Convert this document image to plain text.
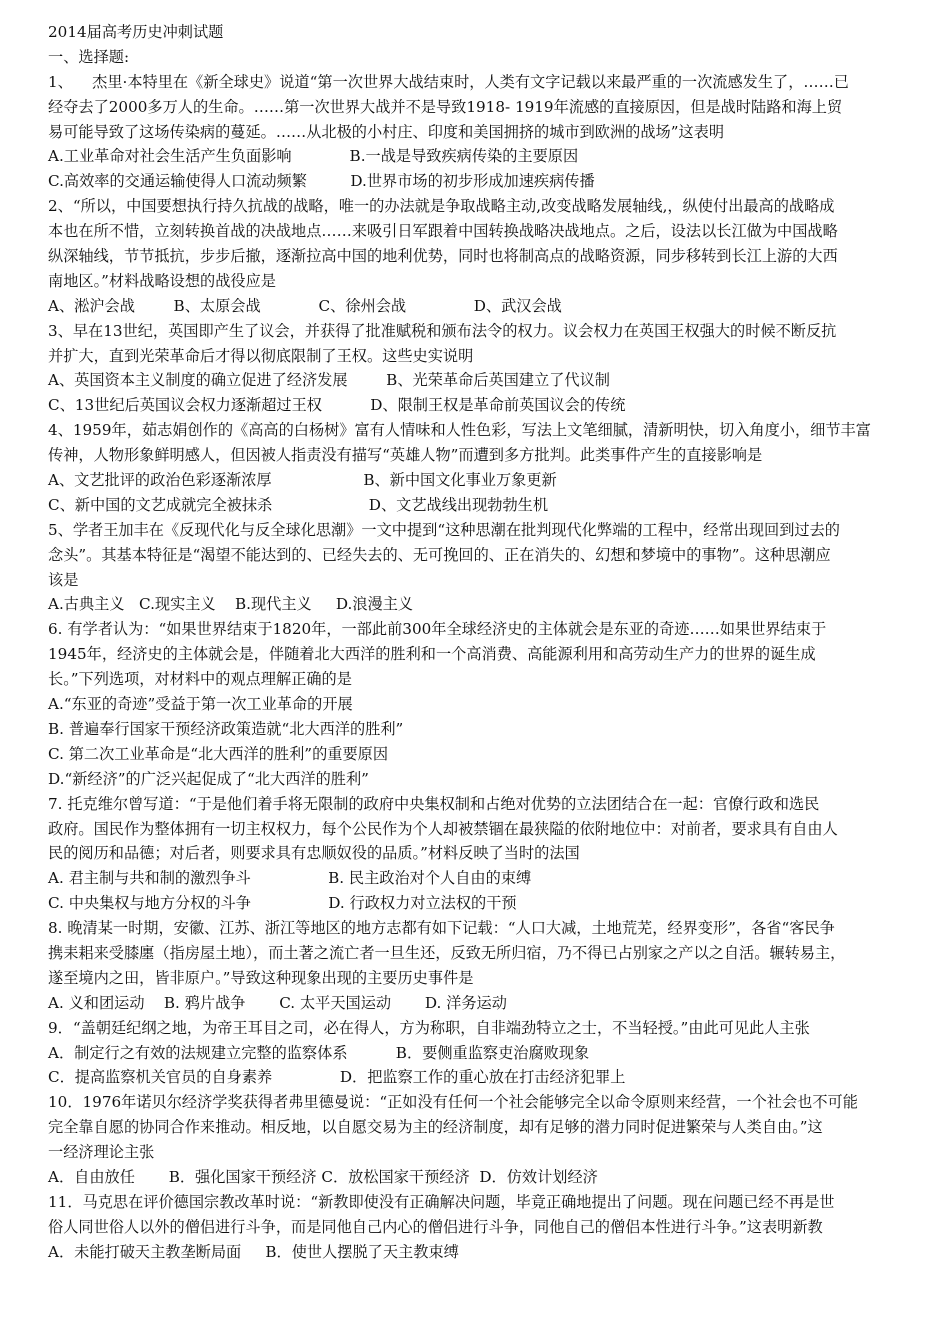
2014届高考历史冲刺试题
一、选择题:
1、    杰里·本特里在《新全球史》说道“第一次世界大战结束时，人类有文字记载以来最严重的一次流感发生了，……已
经夺去了2000多万人的生命。……第一次世界大战并不是导致1918- 1919年流感的直接原因，但是战时陆路和海上贸
易可能导致了这场传染病的蔓延。……从北极的小村庄、印度和美国拥挤的城市到欧洲的战场”这表明
A.工业革命对社会生活产生负面影响            B.一战是导致疾病传染的主要原因
C.高效率的交通运输使得人口流动频繁         D.世界市场的初步形成加速疾病传播
2、“所以，中国要想执行持久抗战的战略，唯一的办法就是争取战略主动,改变战略发展轴线,，纵使付出最高的战略成
本也在所不惜，立刻转换首战的决战地点……来吸引日军跟着中国转换战略决战地点。之后，设法以长江做为中国战略
纵深轴线，节节抵抗，步步后撤，逐渐拉高中国的地利优势，同时也将制高点的战略资源，同步移转到长江上游的大西
南地区。”材料战略设想的战役应是
A、淞沪会战        B、太原会战            C、徐州会战              D、武汉会战
3、早在13世纪，英国即产生了议会，并获得了批准赋税和颁布法令的权力。议会权力在英国王权强大的时候不断反抗
并扩大，直到光荣革命后才得以彻底限制了王权。这些史实说明
A、英国资本主义制度的确立促进了经济发展        B、光荣革命后英国建立了代议制
C、13世纪后英国议会权力逐渐超过王权          D、限制王权是革命前英国议会的传统
4、1959年，茹志娟创作的《高高的白杨树》富有人情味和人性色彩，写法上文笔细腻，清新明快，切入角度小，细节丰富
传神，人物形象鲜明感人，但因被人指责没有描写“英雄人物”而遭到多方批判。此类事件产生的直接影响是
A、文艺批评的政治色彩逐渐浓厚                   B、新中国文化事业万象更新
C、新中国的文艺成就完全被抹杀                    D、文艺战线出现勃勃生机
5、学者王加丰在《反现代化与反全球化思潮》一文中提到“这种思潮在批判现代化弊端的工程中，经常出现回到过去的
念头”。其基本特征是“渴望不能达到的、已经失去的、无可挽回的、正在消失的、幻想和梦境中的事物”。这种思潮应
该是
A.古典主义   C.现实主义    B.现代主义     D.浪漫主义
6. 有学者认为：“如果世界结束于1820年，一部此前300年全球经济史的主体就会是东亚的奇迹……如果世界结束于
1945年，经济史的主体就会是，伴随着北大西洋的胜利和一个高消费、高能源利用和高劳动生产力的世界的诞生成
长。”下列选项，对材料中的观点理解正确的是
A.“东亚的奇迹”受益于第一次工业革命的开展
B. 普遍奉行国家干预经济政策造就“北大西洋的胜利”
C. 第二次工业革命是“北大西洋的胜利”的重要原因
D.“新经济”的广泛兴起促成了“北大西洋的胜利”
7. 托克维尔曾写道：“于是他们着手将无限制的政府中央集权制和占绝对优势的立法团结合在一起：官僚行政和选民
政府。国民作为整体拥有一切主权权力，每个公民作为个人却被禁锢在最狭隘的依附地位中：对前者，要求具有自由人
民的阅历和品德；对后者，则要求具有忠顺奴役的品质。”材料反映了当时的法国
A. 君主制与共和制的激烈争斗                B. 民主政治对个人自由的束缚
C. 中央集权与地方分权的斗争                D. 行政权力对立法权的干预
8. 晚清某一时期，安徽、江苏、浙江等地区的地方志都有如下记载：“人口大减，土地荒芜，经界变形”，各省“客民争
携耒耜来受膝廛（指房屋土地），而土著之流亡者一旦生还，反致无所归宿，乃不得已占别家之产以之自活。辗转易主，
遂至境内之田，皆非原户。”导致这种现象出现的主要历史事件是
A. 义和团运动    B. 鸦片战争       C. 太平天国运动       D. 洋务运动
9．“盖朝廷纪纲之地，为帝王耳目之司，必在得人，方为称职，自非端劲特立之士，不当轻授。”由此可见此人主张
A．制定行之有效的法规建立完整的监察体系          B．要侧重监察吏治腐败现象
C．提高监察机关官员的自身素养              D．把监察工作的重心放在打击经济犯罪上
10．1976年诺贝尔经济学奖获得者弗里德曼说：“正如没有任何一个社会能够完全以命令原则来经营，一个社会也不可能
完全靠自愿的协同合作来推动。相反地，以自愿交易为主的经济制度，却有足够的潜力同时促进繁荣与人类自由。”这
一经济理论主张
A．自由放任       B．强化国家干预经济 C．放松国家干预经济  D．仿效计划经济
11．马克思在评价德国宗教改革时说：“新教即使没有正确解决问题，毕竟正确地提出了问题。现在问题已经不再是世
俗人同世俗人以外的僧侣进行斗争，而是同他自己内心的僧侣进行斗争，同他自己的僧侣本性进行斗争。”这表明新教
A．未能打破天主教垄断局面     B．使世人摆脱了天主教束缚
